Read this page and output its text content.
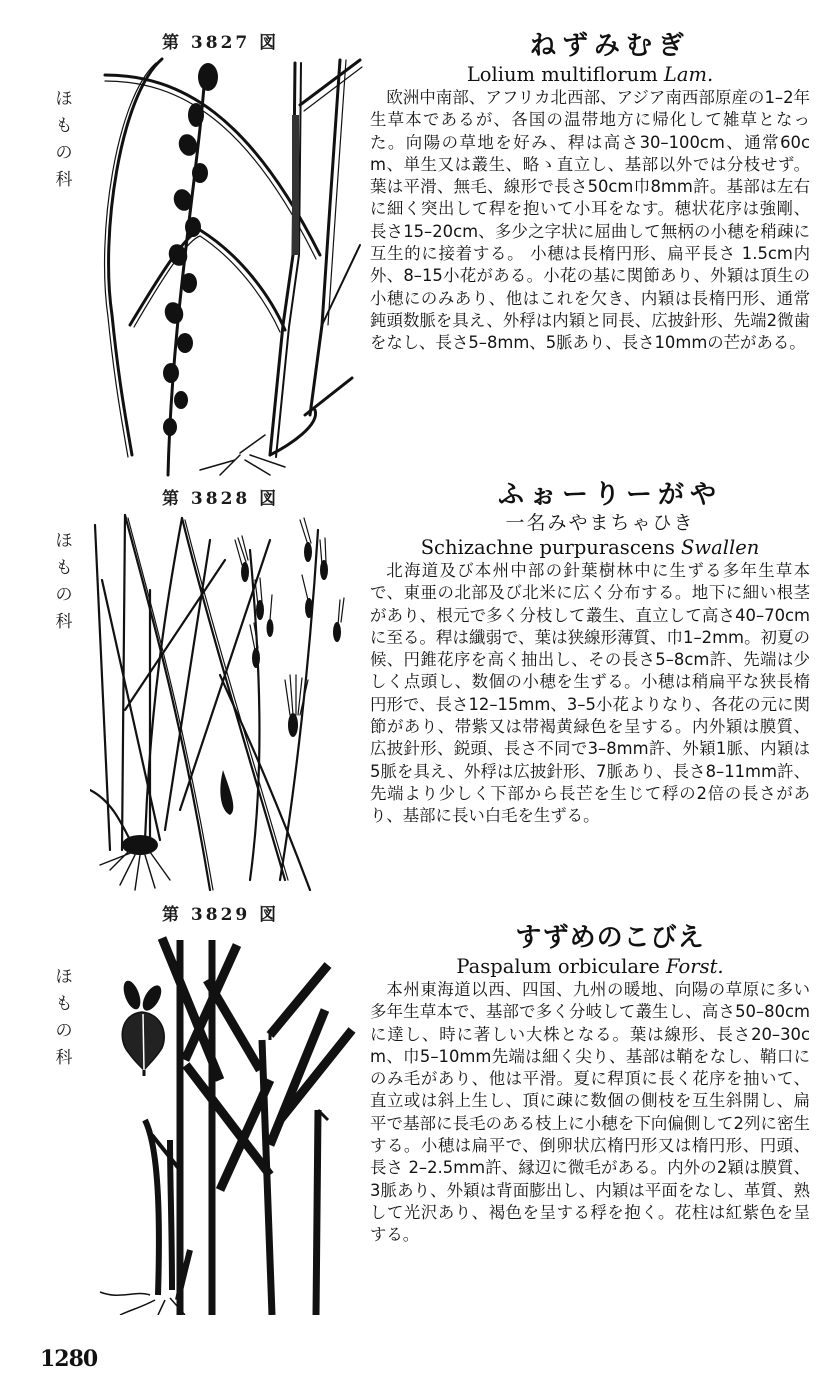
第 3827 図
ほ
も
の
科
ねずみむぎ
Lolium multiflorum Lam.

欧洲中南部、アフリカ北西部、アジア南西部原産の1–2年生草本であるが、各国の温帯地方に帰化して雑草となった。向陽の草地を好み、稈は高さ30–100cm、通常60cm、単生又は叢生、略ゝ直立し、基部以外では分枝せず。葉は平滑、無毛、線形で長さ50cm巾8mm許。基部は左右に細く突出して稈を抱いて小耳をなす。穂状花序は強剛、長さ15–20cm、多少之字状に屈曲して無柄の小穂を稍疎に互生的に接着する。 小穂は長楕円形、扁平長さ 1.5cm内外、8–15小花がある。小花の基に関節あり、外穎は頂生の小穂にのみあり、他はこれを欠き、内穎は長楕円形、通常鈍頭数脈を具え、外稃は内穎と同長、広披針形、先端2微歯をなし、長さ5–8mm、5脈あり、長さ10mmの芒がある。

第 3828 図
ほ
も
の
科
ふぉーりーがや
一名みやまちゃひき
Schizachne purpurascens Swallen

北海道及び本州中部の針葉樹林中に生ずる多年生草本で、東亜の北部及び北米に広く分布する。地下に細い根茎があり、根元で多く分枝して叢生、直立して高さ40–70cmに至る。稈は纖弱で、葉は狭線形薄質、巾1–2mm。初夏の候、円錐花序を高く抽出し、その長さ5–8cm許、先端は少しく点頭し、数個の小穂を生ずる。小穂は稍扁平な狭長楕円形で、長さ12–15mm、3–5小花よりなり、各花の元に関節があり、帯紫又は帯褐黄緑色を呈する。内外穎は膜質、広披針形、鋭頭、長さ不同で3–8mm許、外穎1脈、内穎は5脈を具え、外稃は広披針形、7脈あり、長さ8–11mm許、先端より少しく下部から長芒を生じて稃の2倍の長さがあり、基部に長い白毛を生ずる。

第 3829 図
ほ
も
の
科
すずめのこびえ
Paspalum orbiculare Forst.

本州東海道以西、四国、九州の暖地、向陽の草原に多い多年生草本で、基部で多く分岐して叢生し、高さ50–80cmに達し、時に著しい大株となる。葉は線形、長さ20–30cm、巾5–10mm先端は細く尖り、基部は鞘をなし、鞘口にのみ毛があり、他は平滑。夏に稈頂に長く花序を抽いて、直立或は斜上生し、頂に疎に数個の側枝を互生斜開し、扁平で基部に長毛のある枝上に小穂を下向偏側して2列に密生する。小穂は扁平で、倒卵状広楕円形又は楕円形、円頭、長さ 2–2.5mm許、縁辺に微毛がある。内外の2穎は膜質、3脈あり、外穎は背面膨出し、内穎は平面をなし、革質、熟して光沢あり、褐色を呈する稃を抱く。花柱は紅紫色を呈する。

1280
